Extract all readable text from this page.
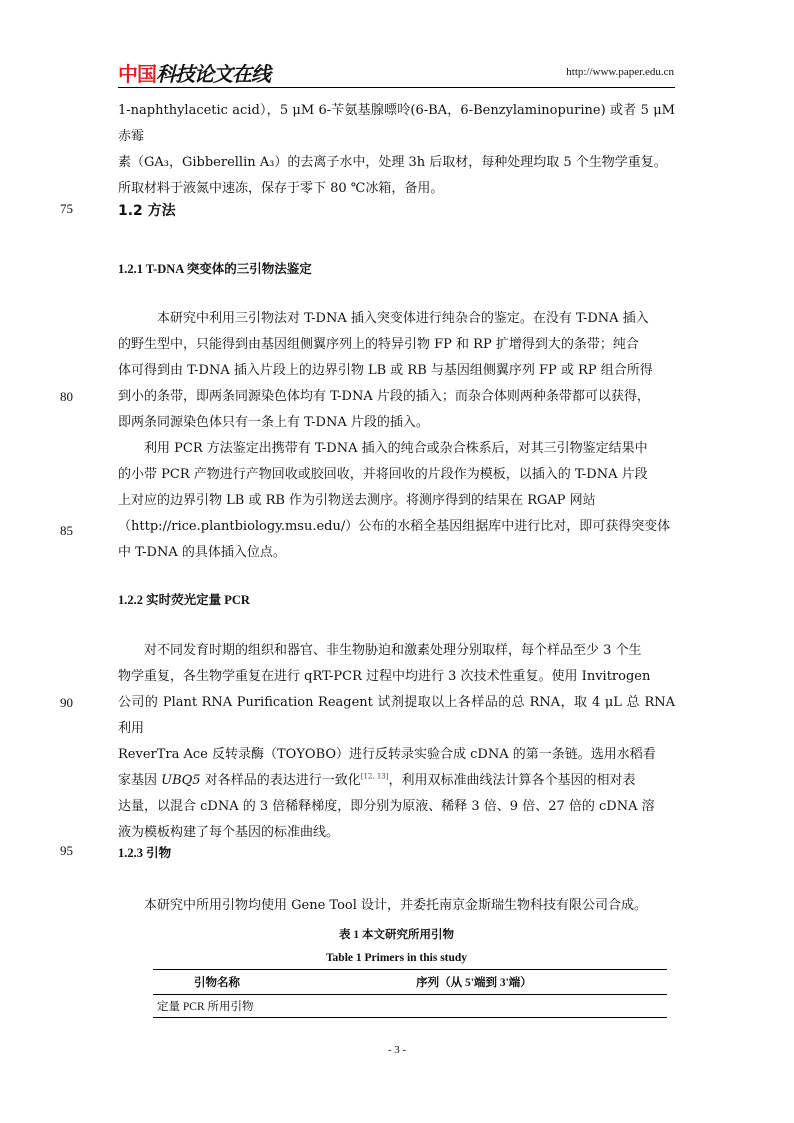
中国 科技论文在线	http://www.paper.edu.cn

1-naphthylacetic acid），5 μM 6-苄氨基腺嘌呤(6-BA，6-Benzylaminopurine) 或者 5 μM 赤霉

素（GA₃，Gibberellin A₃）的去离子水中，处理 3h 后取材，每种处理均取 5 个生物学重复。

所取材料于液氮中速冻，保存于零下 80 ℃冰箱，备用。

75
80
85
90
95
1.2 方法
1.2.1 T-DNA 突变体的三引物法鉴定

本研究中利用三引物法对 T-DNA 插入突变体进行纯杂合的鉴定。在没有 T-DNA 插入

的野生型中，只能得到由基因组侧翼序列上的特异引物 FP 和 RP 扩增得到大的条带；纯合

体可得到由 T-DNA 插入片段上的边界引物 LB 或 RB 与基因组侧翼序列 FP 或 RP 组合所得

到小的条带，即两条同源染色体均有 T-DNA 片段的插入；而杂合体则两种条带都可以获得，

即两条同源染色体只有一条上有 T-DNA 片段的插入。

利用 PCR 方法鉴定出携带有 T-DNA 插入的纯合或杂合株系后，对其三引物鉴定结果中

的小带 PCR 产物进行产物回收或胶回收，并将回收的片段作为模板，以插入的 T-DNA 片段

上对应的边界引物 LB 或 RB 作为引物送去测序。将测序得到的结果在 RGAP 网站

（http://rice.plantbiology.msu.edu/）公布的水稻全基因组据库中进行比对，即可获得突变体

中 T-DNA 的具体插入位点。

1.2.2 实时荧光定量 PCR

对不同发育时期的组织和器官、非生物胁迫和激素处理分别取样，每个样品至少 3 个生

物学重复，各生物学重复在进行 qRT-PCR 过程中均进行 3 次技术性重复。使用 Invitrogen

公司的 Plant RNA Purification Reagent 试剂提取以上各样品的总 RNA，取 4 μL 总 RNA 利用

ReverTra Ace 反转录酶（TOYOBO）进行反转录实验合成 cDNA 的第一条链。选用水稻看

家基因 UBQ5 对各样品的表达进行一致化[12, 13]，利用双标准曲线法计算各个基因的相对表

达量，以混合 cDNA 的 3 倍稀释梯度，即分别为原液、稀释 3 倍、9 倍、27 倍的 cDNA 溶

液为模板构建了每个基因的标准曲线。

1.2.3 引物

本研究中所用引物均使用 Gene Tool 设计，并委托南京金斯瑞生物科技有限公司合成。

表 1 本文研究所用引物
Table 1 Primers in this study
引物名称	序列（从 5'端到 3'端）
定量 PCR 所用引物	
- 3 -
